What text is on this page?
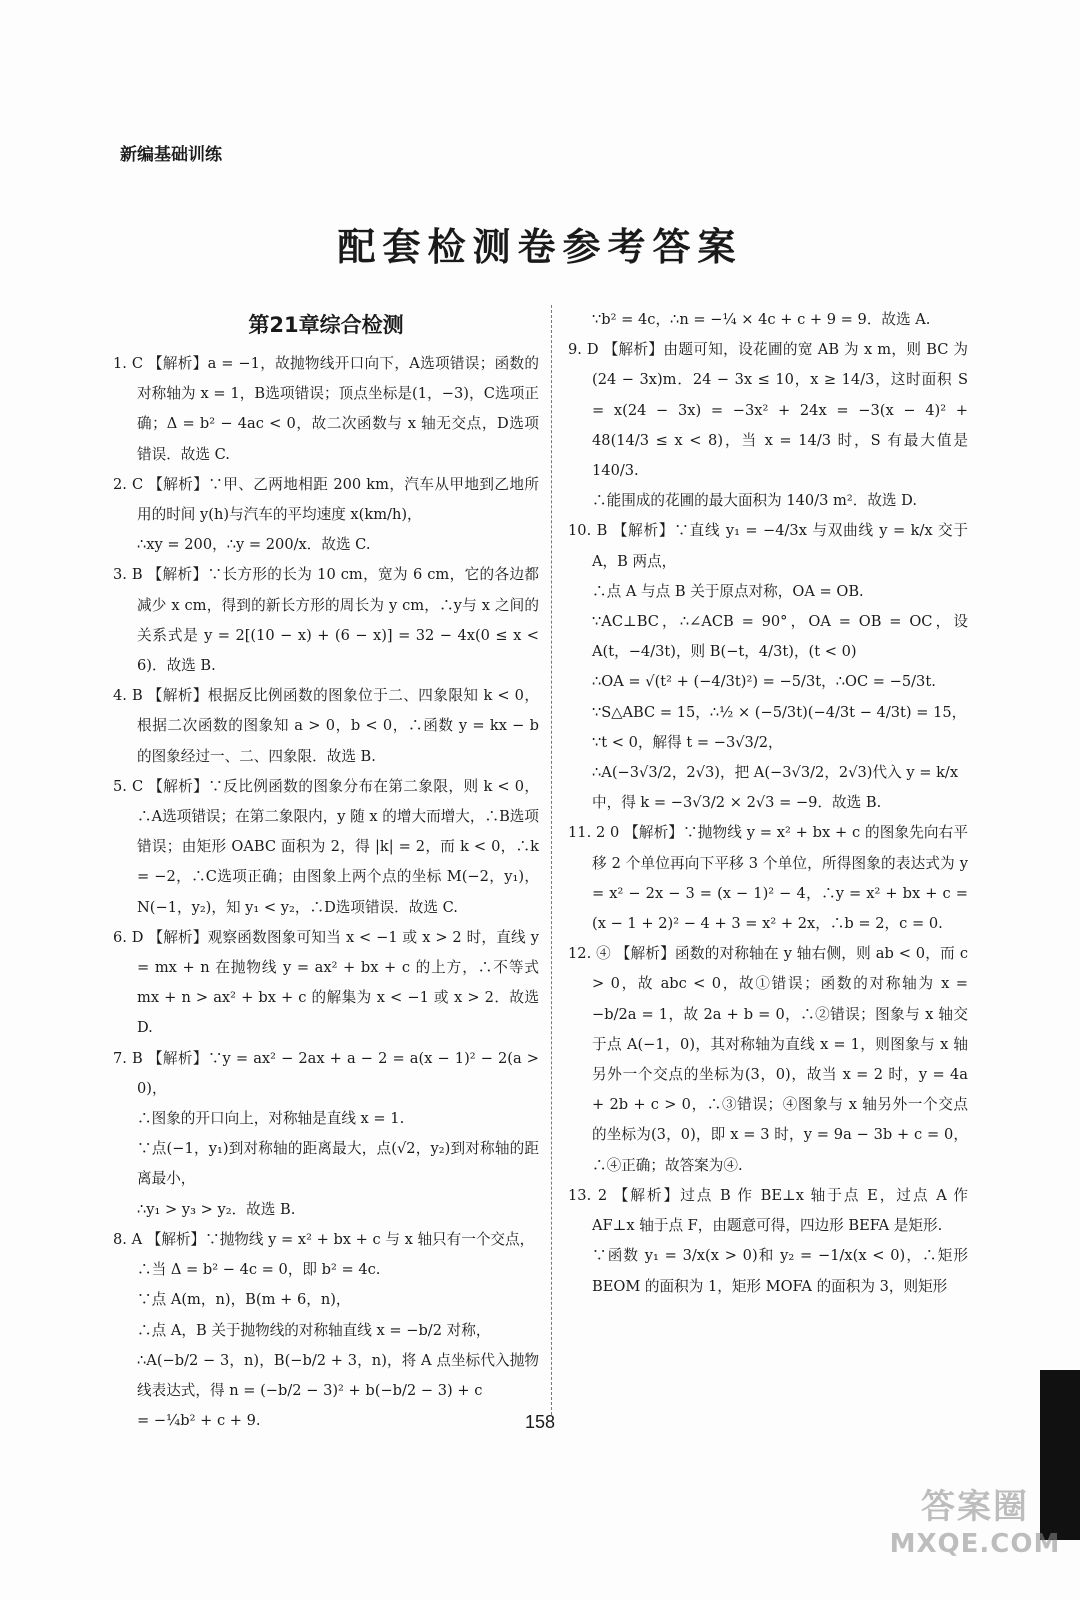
新编基础训练
配套检测卷参考答案
第21章综合检测
1. C 【解析】a = −1，故抛物线开口向下，A选项错误；函数的对称轴为 x = 1，B选项错误；顶点坐标是(1，−3)，C选项正确；Δ = b² − 4ac < 0，故二次函数与 x 轴无交点，D选项错误．故选 C.
2. C 【解析】∵甲、乙两地相距 200 km，汽车从甲地到乙地所用的时间 y(h)与汽车的平均速度 x(km/h)，
∴xy = 200，∴y = 200/x．故选 C.
3. B 【解析】∵长方形的长为 10 cm，宽为 6 cm，它的各边都减少 x cm，得到的新长方形的周长为 y cm，∴y与 x 之间的关系式是 y = 2[(10 − x) + (6 − x)] = 32 − 4x(0 ≤ x < 6)．故选 B.
4. B 【解析】根据反比例函数的图象位于二、四象限知 k < 0，根据二次函数的图象知 a > 0，b < 0，∴函数 y = kx − b 的图象经过一、二、四象限．故选 B.
5. C 【解析】∵反比例函数的图象分布在第二象限，则 k < 0，∴A选项错误；在第二象限内，y 随 x 的增大而增大，∴B选项错误；由矩形 OABC 面积为 2，得 |k| = 2，而 k < 0，∴k = −2，∴C选项正确；由图象上两个点的坐标 M(−2，y₁)，N(−1，y₂)，知 y₁ < y₂，∴D选项错误．故选 C.
6. D 【解析】观察函数图象可知当 x < −1 或 x > 2 时，直线 y = mx + n 在抛物线 y = ax² + bx + c 的上方，∴不等式 mx + n > ax² + bx + c 的解集为 x < −1 或 x > 2．故选 D.
7. B 【解析】∵y = ax² − 2ax + a − 2 = a(x − 1)² − 2(a > 0)，
∴图象的开口向上，对称轴是直线 x = 1.
∵点(−1，y₁)到对称轴的距离最大，点(√2，y₂)到对称轴的距离最小，
∴y₁ > y₃ > y₂．故选 B.
8. A 【解析】∵抛物线 y = x² + bx + c 与 x 轴只有一个交点，
∴当 Δ = b² − 4c = 0，即 b² = 4c.
∵点 A(m，n)，B(m + 6，n)，
∴点 A，B 关于抛物线的对称轴直线 x = −b/2 对称，
∴A(−b/2 − 3，n)，B(−b/2 + 3，n)，将 A 点坐标代入抛物线表达式，得 n = (−b/2 − 3)² + b(−b/2 − 3) + c
= −¼b² + c + 9.
∵b² = 4c，∴n = −¼ × 4c + c + 9 = 9．故选 A.
9. D 【解析】由题可知，设花圃的宽 AB 为 x m，则 BC 为(24 − 3x)m．24 − 3x ≤ 10，x ≥ 14/3，这时面积 S = x(24 − 3x) = −3x² + 24x = −3(x − 4)² + 48(14/3 ≤ x < 8)，当 x = 14/3 时，S 有最大值是 140/3.
∴能围成的花圃的最大面积为 140/3 m²．故选 D.
10. B 【解析】∵直线 y₁ = −4/3x 与双曲线 y = k/x 交于 A，B 两点，
∴点 A 与点 B 关于原点对称，OA = OB.
∵AC⊥BC，∴∠ACB = 90°，OA = OB = OC，设 A(t，−4/3t)，则 B(−t，4/3t)，(t < 0)
∴OA = √(t² + (−4/3t)²) = −5/3t，∴OC = −5/3t.
∵S△ABC = 15，∴½ × (−5/3t)(−4/3t − 4/3t) = 15，
∵t < 0，解得 t = −3√3/2，
∴A(−3√3/2，2√3)，把 A(−3√3/2，2√3)代入 y = k/x
中，得 k = −3√3/2 × 2√3 = −9．故选 B.
11. 2 0 【解析】∵抛物线 y = x² + bx + c 的图象先向右平移 2 个单位再向下平移 3 个单位，所得图象的表达式为 y = x² − 2x − 3 = (x − 1)² − 4，∴y = x² + bx + c = (x − 1 + 2)² − 4 + 3 = x² + 2x，∴b = 2，c = 0.
12. ④ 【解析】函数的对称轴在 y 轴右侧，则 ab < 0，而 c > 0，故 abc < 0，故①错误；函数的对称轴为 x = −b/2a = 1，故 2a + b = 0，∴②错误；图象与 x 轴交于点 A(−1，0)，其对称轴为直线 x = 1，则图象与 x 轴另外一个交点的坐标为(3，0)，故当 x = 2 时，y = 4a + 2b + c > 0，∴③错误；④图象与 x 轴另外一个交点的坐标为(3，0)，即 x = 3 时，y = 9a − 3b + c = 0，∴④正确；故答案为④.
13. 2 【解析】过点 B 作 BE⊥x 轴于点 E，过点 A 作 AF⊥x 轴于点 F，由题意可得，四边形 BEFA 是矩形.
∵函数 y₁ = 3/x(x > 0)和 y₂ = −1/x(x < 0)，∴矩形 BEOM 的面积为 1，矩形 MOFA 的面积为 3，则矩形
158
答案圈
MXQE.COM
